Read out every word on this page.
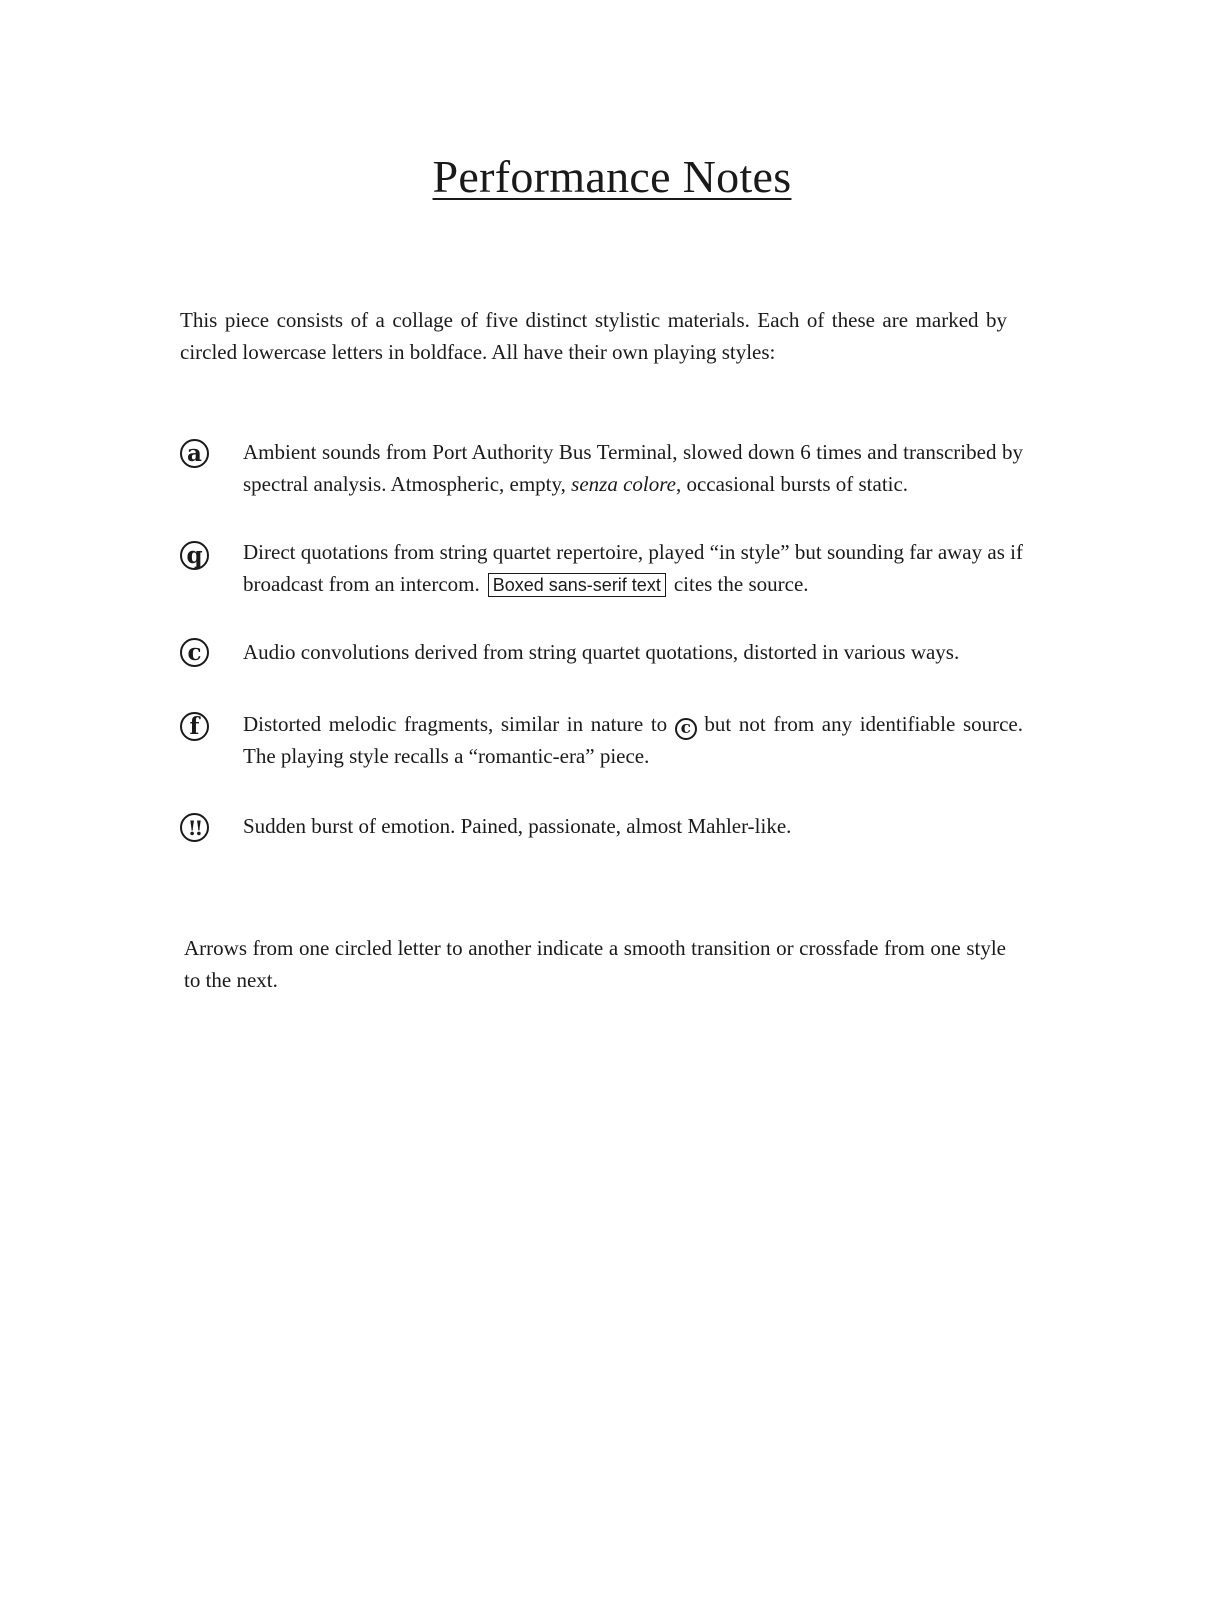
Performance Notes

This piece consists of a collage of five distinct stylistic materials. Each of these are marked by circled lowercase letters in boldface. All have their own playing styles:

a	Ambient sounds from Port Authority Bus Terminal, slowed down 6 times and transcribed by spectral analysis. Atmospheric, empty, senza colore, occasional bursts of static.

q	Direct quotations from string quartet repertoire, played “in style” but sounding far away as if broadcast from an intercom. Boxed sans-serif text cites the source.

c	Audio convolutions derived from string quartet quotations, distorted in various ways.

f	Distorted melodic fragments, similar in nature to c but not from any identifiable source. The playing style recalls a “romantic-era” piece.

!!	Sudden burst of emotion. Pained, passionate, almost Mahler-like.

Arrows from one circled letter to another indicate a smooth transition or crossfade from one style to the next.
